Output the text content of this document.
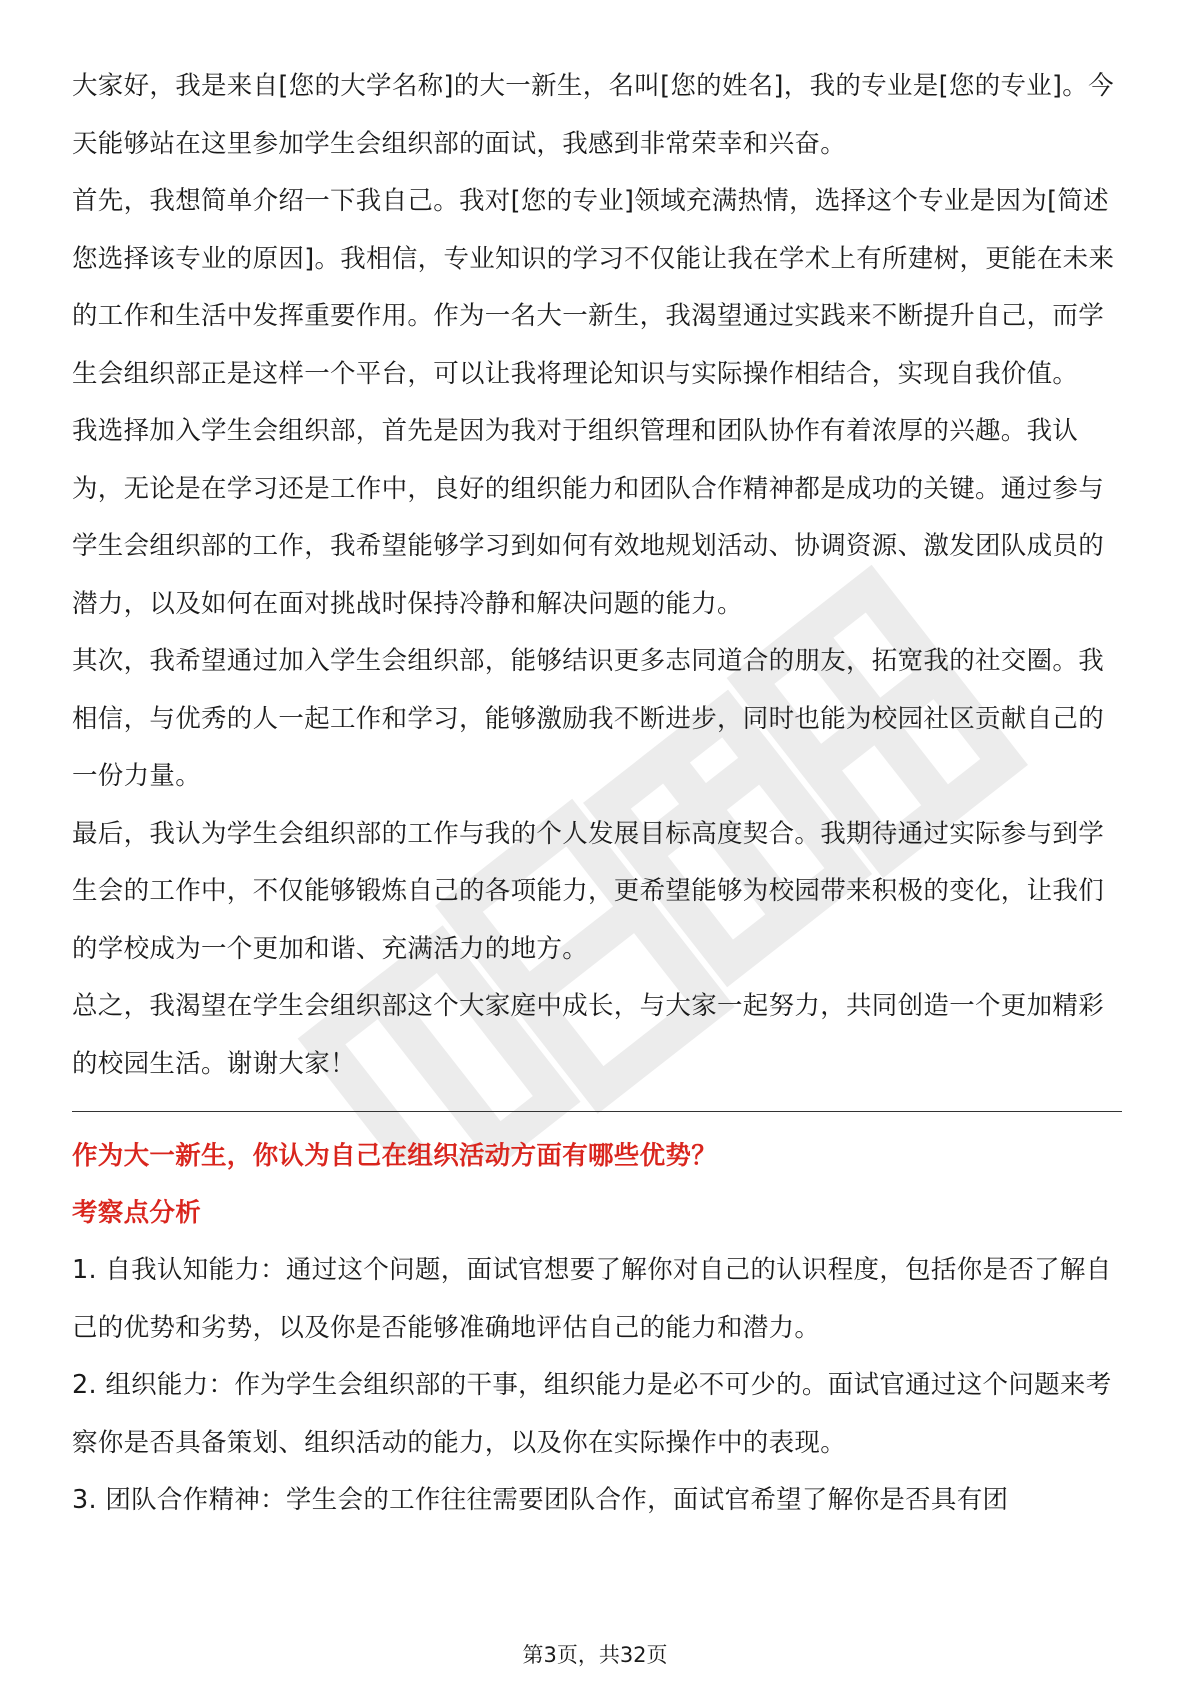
大家好，我是来自[您的大学名称]的大一新生，名叫[您的姓名]，我的专业是[您的专业]。今天能够站在这里参加学生会组织部的面试，我感到非常荣幸和兴奋。

首先，我想简单介绍一下我自己。我对[您的专业]领域充满热情，选择这个专业是因为[简述您选择该专业的原因]。我相信，专业知识的学习不仅能让我在学术上有所建树，更能在未来的工作和生活中发挥重要作用。作为一名大一新生，我渴望通过实践来不断提升自己，而学生会组织部正是这样一个平台，可以让我将理论知识与实际操作相结合，实现自我价值。

我选择加入学生会组织部，首先是因为我对于组织管理和团队协作有着浓厚的兴趣。我认为，无论是在学习还是工作中，良好的组织能力和团队合作精神都是成功的关键。通过参与学生会组织部的工作，我希望能够学习到如何有效地规划活动、协调资源、激发团队成员的潜力，以及如何在面对挑战时保持冷静和解决问题的能力。

其次，我希望通过加入学生会组织部，能够结识更多志同道合的朋友，拓宽我的社交圈。我相信，与优秀的人一起工作和学习，能够激励我不断进步，同时也能为校园社区贡献自己的一份力量。

最后，我认为学生会组织部的工作与我的个人发展目标高度契合。我期待通过实际参与到学生会的工作中，不仅能够锻炼自己的各项能力，更希望能够为校园带来积极的变化，让我们的学校成为一个更加和谐、充满活力的地方。

总之，我渴望在学生会组织部这个大家庭中成长，与大家一起努力，共同创造一个更加精彩的校园生活。谢谢大家！

作为大一新生，你认为自己在组织活动方面有哪些优势？

考察点分析

1. 自我认知能力：通过这个问题，面试官想要了解你对自己的认识程度，包括你是否了解自己的优势和劣势，以及你是否能够准确地评估自己的能力和潜力。

2. 组织能力：作为学生会组织部的干事，组织能力是必不可少的。面试官通过这个问题来考察你是否具备策划、组织活动的能力，以及你在实际操作中的表现。

3. 团队合作精神：学生会的工作往往需要团队合作，面试官希望了解你是否具有团

第3页，共32页
